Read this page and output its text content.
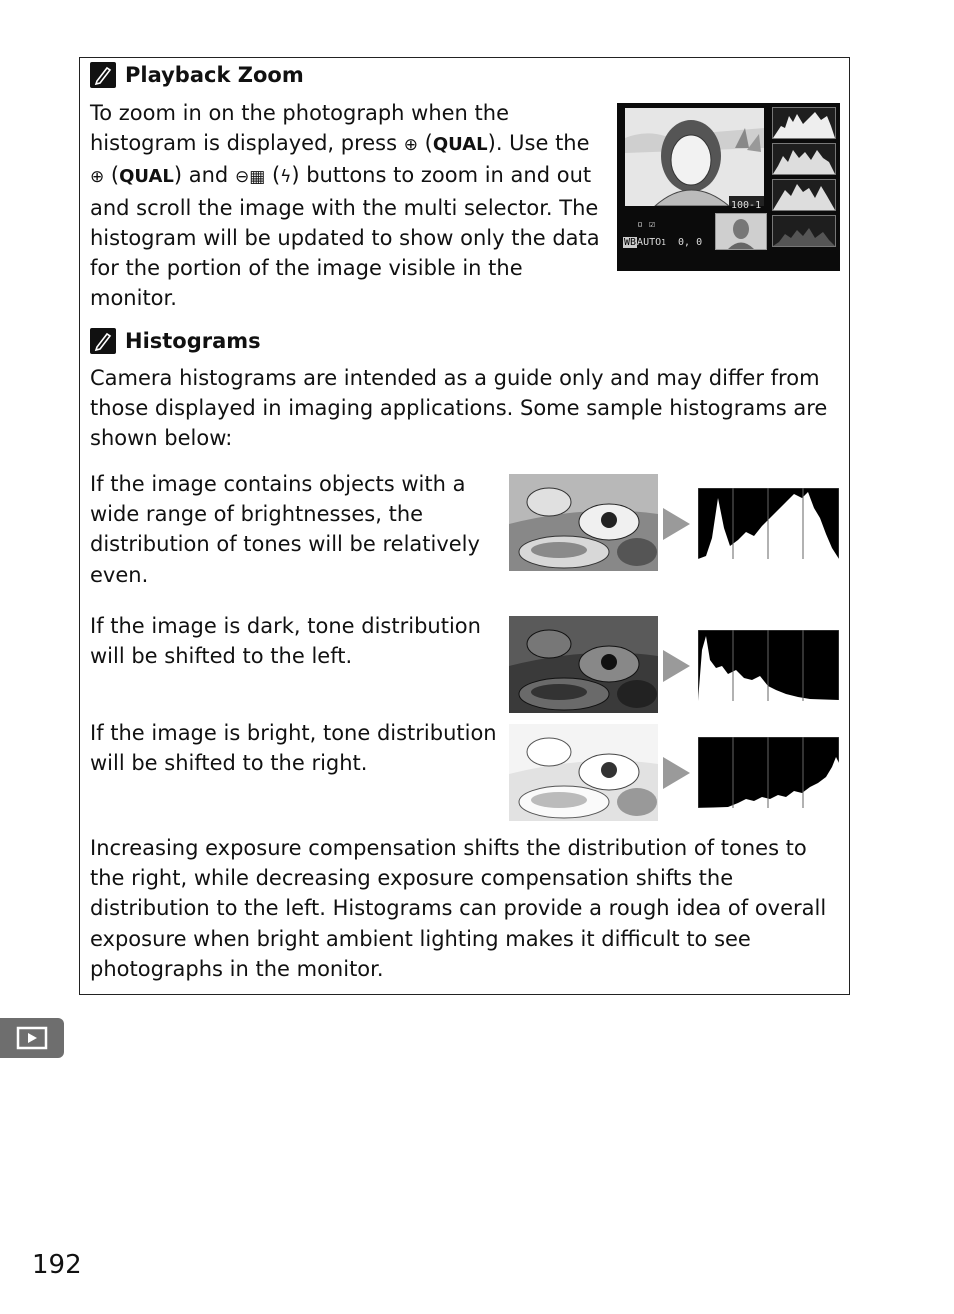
Playback Zoom
To zoom in on the photograph when the
histogram is displayed, press ⊕ (QUAL). Use the
⊕ (QUAL) and ⊖▦ (ϟ) buttons to zoom in and out
and scroll the image with the multi selector. The
histogram will be updated to show only the data
for the portion of the image visible in the
monitor.
100-1
▫ ☑
WBAUTO1 0, 0
Histograms
Camera histograms are intended as a guide only and may differ from
those displayed in imaging applications. Some sample histograms are
shown below:
If the image contains objects with a
wide range of brightnesses, the
distribution of tones will be relatively
even.
If the image is dark, tone distribution
will be shifted to the left.
If the image is bright, tone distribution
will be shifted to the right.
Increasing exposure compensation shifts the distribution of tones to
the right, while decreasing exposure compensation shifts the
distribution to the left. Histograms can provide a rough idea of overall
exposure when bright ambient lighting makes it difficult to see
photographs in the monitor.
192
